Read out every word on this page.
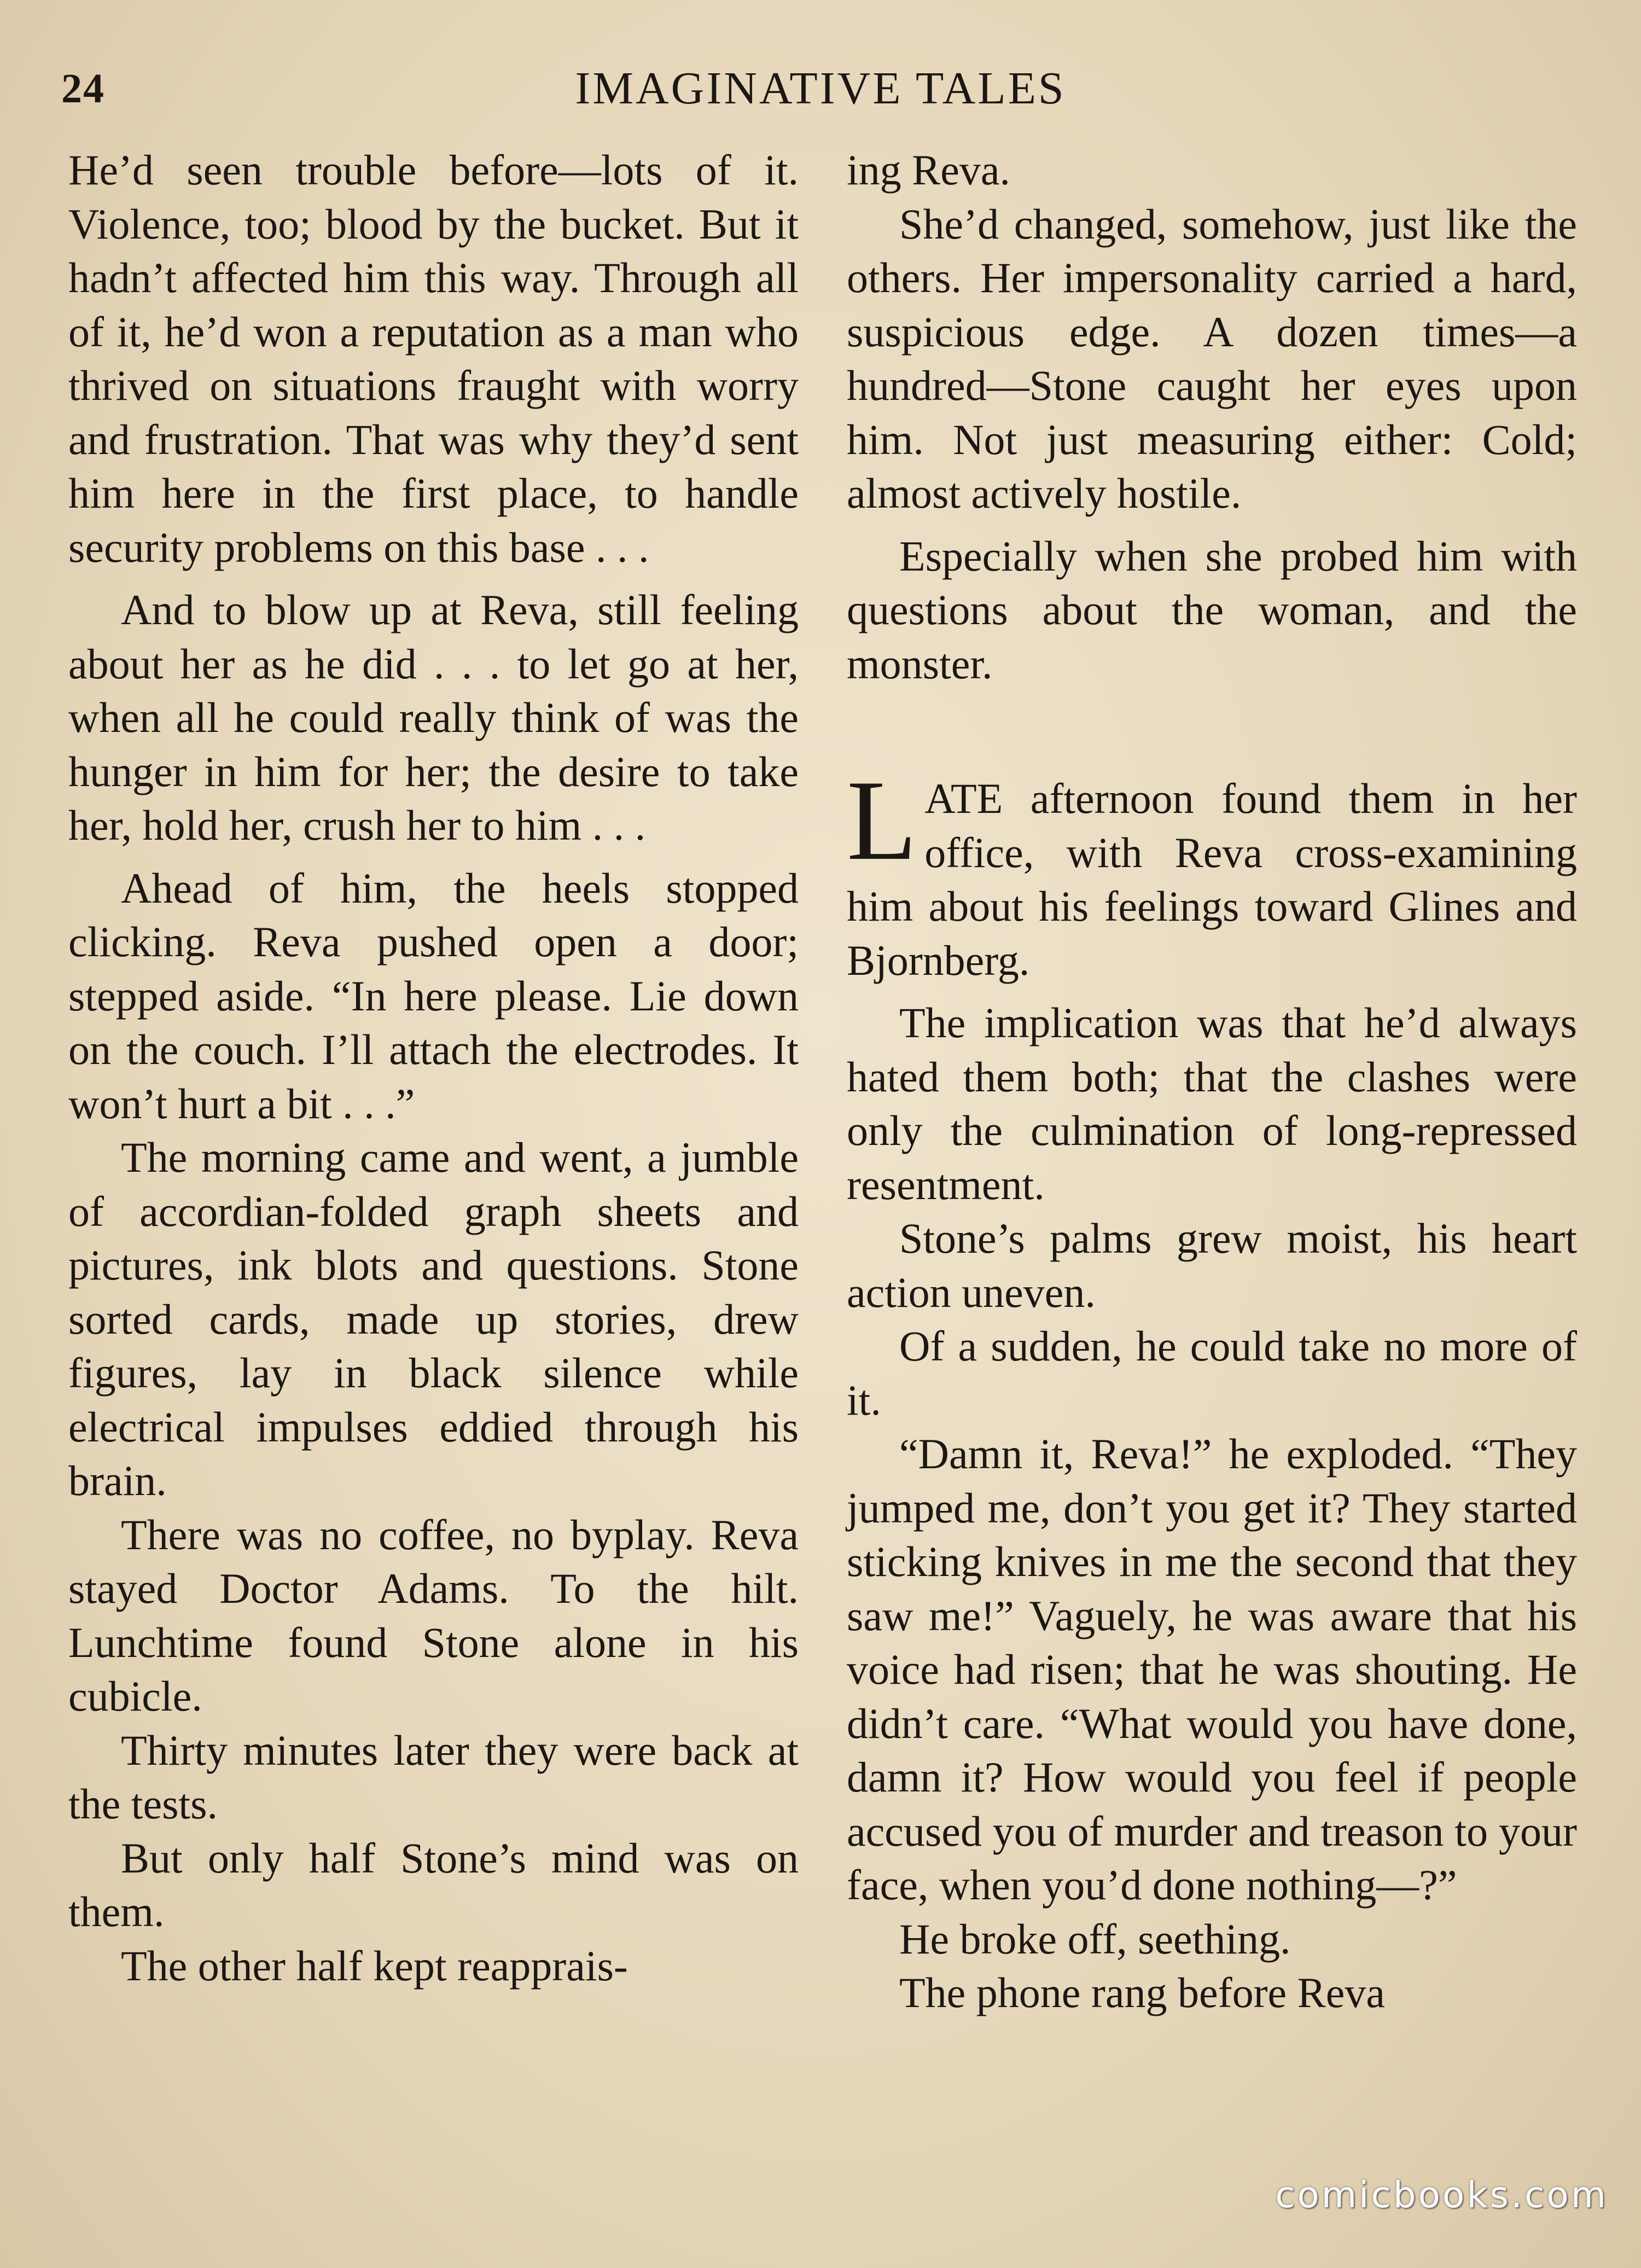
24	IMAGINATIVE TALES

He’d seen trouble before—lots of it. Violence, too; blood by the bucket. But it hadn’t affected him this way. Through all of it, he’d won a reputation as a man who thrived on situations fraught with worry and frustration. That was why they’d sent him here in the first place, to handle security problems on this base . . .

And to blow up at Reva, still feeling about her as he did . . . to let go at her, when all he could really think of was the hunger in him for her; the desire to take her, hold her, crush her to him . . .

Ahead of him, the heels stopped clicking. Reva pushed open a door; stepped aside. “In here please. Lie down on the couch. I’ll attach the electrodes. It won’t hurt a bit . . .”

The morning came and went, a jumble of accordian-folded graph sheets and pictures, ink blots and questions. Stone sorted cards, made up stories, drew figures, lay in black silence while electrical impulses eddied through his brain.

There was no coffee, no byplay. Reva stayed Doctor Adams. To the hilt. Lunchtime found Stone alone in his cubicle.

Thirty minutes later they were back at the tests.

But only half Stone’s mind was on them.

The other half kept reapprais-

ing Reva.

She’d changed, somehow, just like the others. Her impersonality carried a hard, suspicious edge. A dozen times—a hundred—Stone caught her eyes upon him. Not just measuring either: Cold; almost actively hostile.

Especially when she probed him with questions about the woman, and the monster.

LATE afternoon found them in her office, with Reva cross-examining him about his feelings toward Glines and Bjornberg.

The implication was that he’d always hated them both; that the clashes were only the culmination of long-repressed resentment.

Stone’s palms grew moist, his heart action uneven.

Of a sudden, he could take no more of it.

“Damn it, Reva!” he exploded. “They jumped me, don’t you get it? They started sticking knives in me the second that they saw me!” Vaguely, he was aware that his voice had risen; that he was shouting. He didn’t care. “What would you have done, damn it? How would you feel if people accused you of murder and treason to your face, when you’d done nothing—?”

He broke off, seething.

The phone rang before Reva

comicbooks.com
